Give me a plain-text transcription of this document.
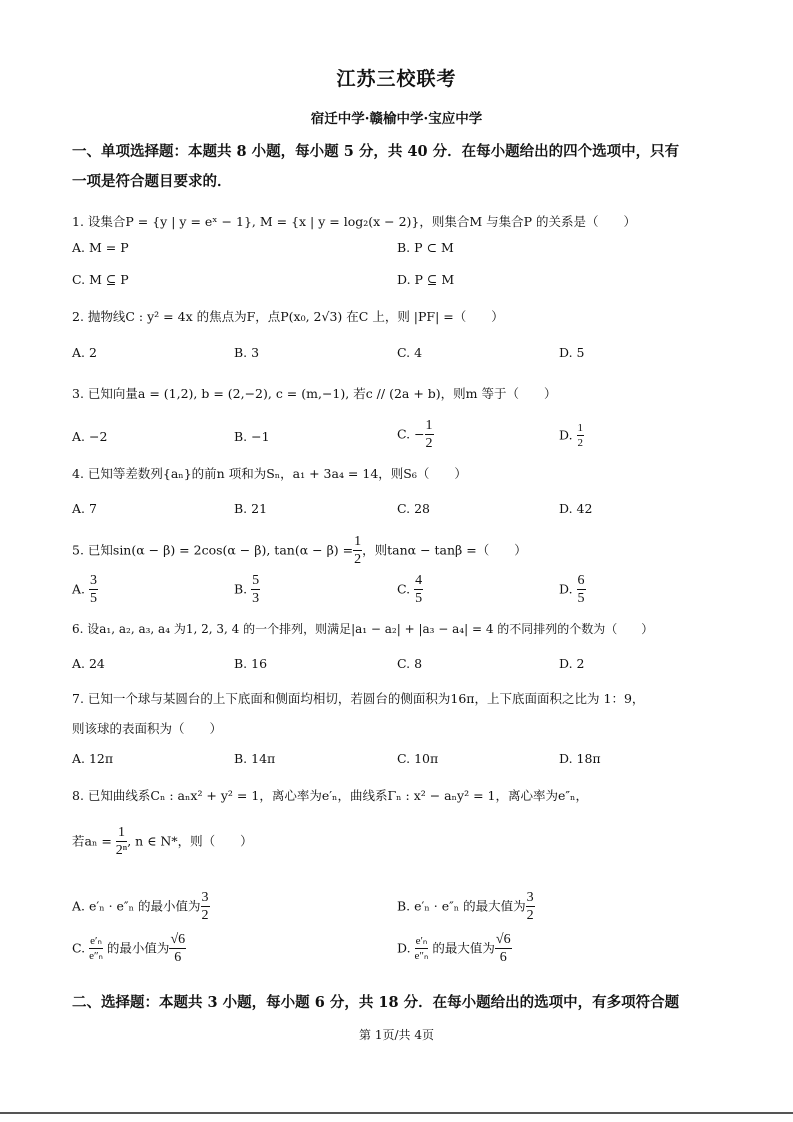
江苏三校联考
宿迁中学·赣榆中学·宝应中学
一、单项选择题：本题共 8 小题，每小题 5 分，共 40 分．在每小题给出的四个选项中，只有
一项是符合题目要求的．
1. 设集合P = {y | y = eˣ − 1}, M = {x | y = log₂(x − 2)}，则集合M 与集合P 的关系是（　　）
A. M = P	B. P ⊂ M
C. M ⊆ P	D. P ⊆ M
2. 抛物线C : y² = 4x 的焦点为F，点P(x₀, 2√3) 在C 上，则 |PF| =（　　）
A. 2	B. 3	C. 4	D. 5
3. 已知向量a = (1,2), b = (2,−2), c = (m,−1), 若c // (2a + b)，则m 等于（　　）
A. −2	B. −1	C. − $\frac{1}{2}$	D. $\frac{1}{2}$
4. 已知等差数列{aₙ}的前n 项和为Sₙ，a₁ + 3a₄ = 14，则S₆（　　）
A. 7	B. 21	C. 28	D. 42
5. 已知sin(α − β) = 2cos(α − β), $\tan(\alpha - \beta) = \frac{1}{2}$ ，则tanα − tanβ =（　　）
A. $\frac{3}{5}$	B. $\frac{5}{3}$	C. $\frac{4}{5}$	D. $\frac{6}{5}$
6. 设a₁, a₂, a₃, a₄ 为1, 2, 3, 4 的一个排列，则满足|a₁ − a₂| + |a₃ − a₄| = 4 的不同排列的个数为（　　）
A. 24	B. 16	C. 8	D. 2
7. 已知一个球与某圆台的上下底面和侧面均相切，若圆台的侧面积为16π，上下底面面积之比为 1：9，
则该球的表面积为（　　）
A. 12π	B. 14π	C. 10π	D. 18π
8. 已知曲线系Cₙ : aₙx² + y² = 1，离心率为e′ₙ，曲线系Γₙ : x² − aₙy² = 1，离心率为e″ₙ，
若$a_n = \frac{1}{\text{2ⁿ}}$ , n ∈ N*，则（　　）
A. e′ₙ · e″ₙ 的最小值为 $\frac{3}{2}$	B. e′ₙ · e″ₙ 的最大值为 $\frac{3}{2}$
C. $\frac{\text{e′ₙ}}{\text{e″ₙ}}$ 的最小值为 $\frac{√6}{6}$	D. $\frac{\text{e′ₙ}}{\text{e″ₙ}}$ 的最大值为 $\frac{√6}{6}$
二、选择题：本题共 3 小题，每小题 6 分，共 18 分．在每小题给出的选项中，有多项符合题
第 1页/共 4页
